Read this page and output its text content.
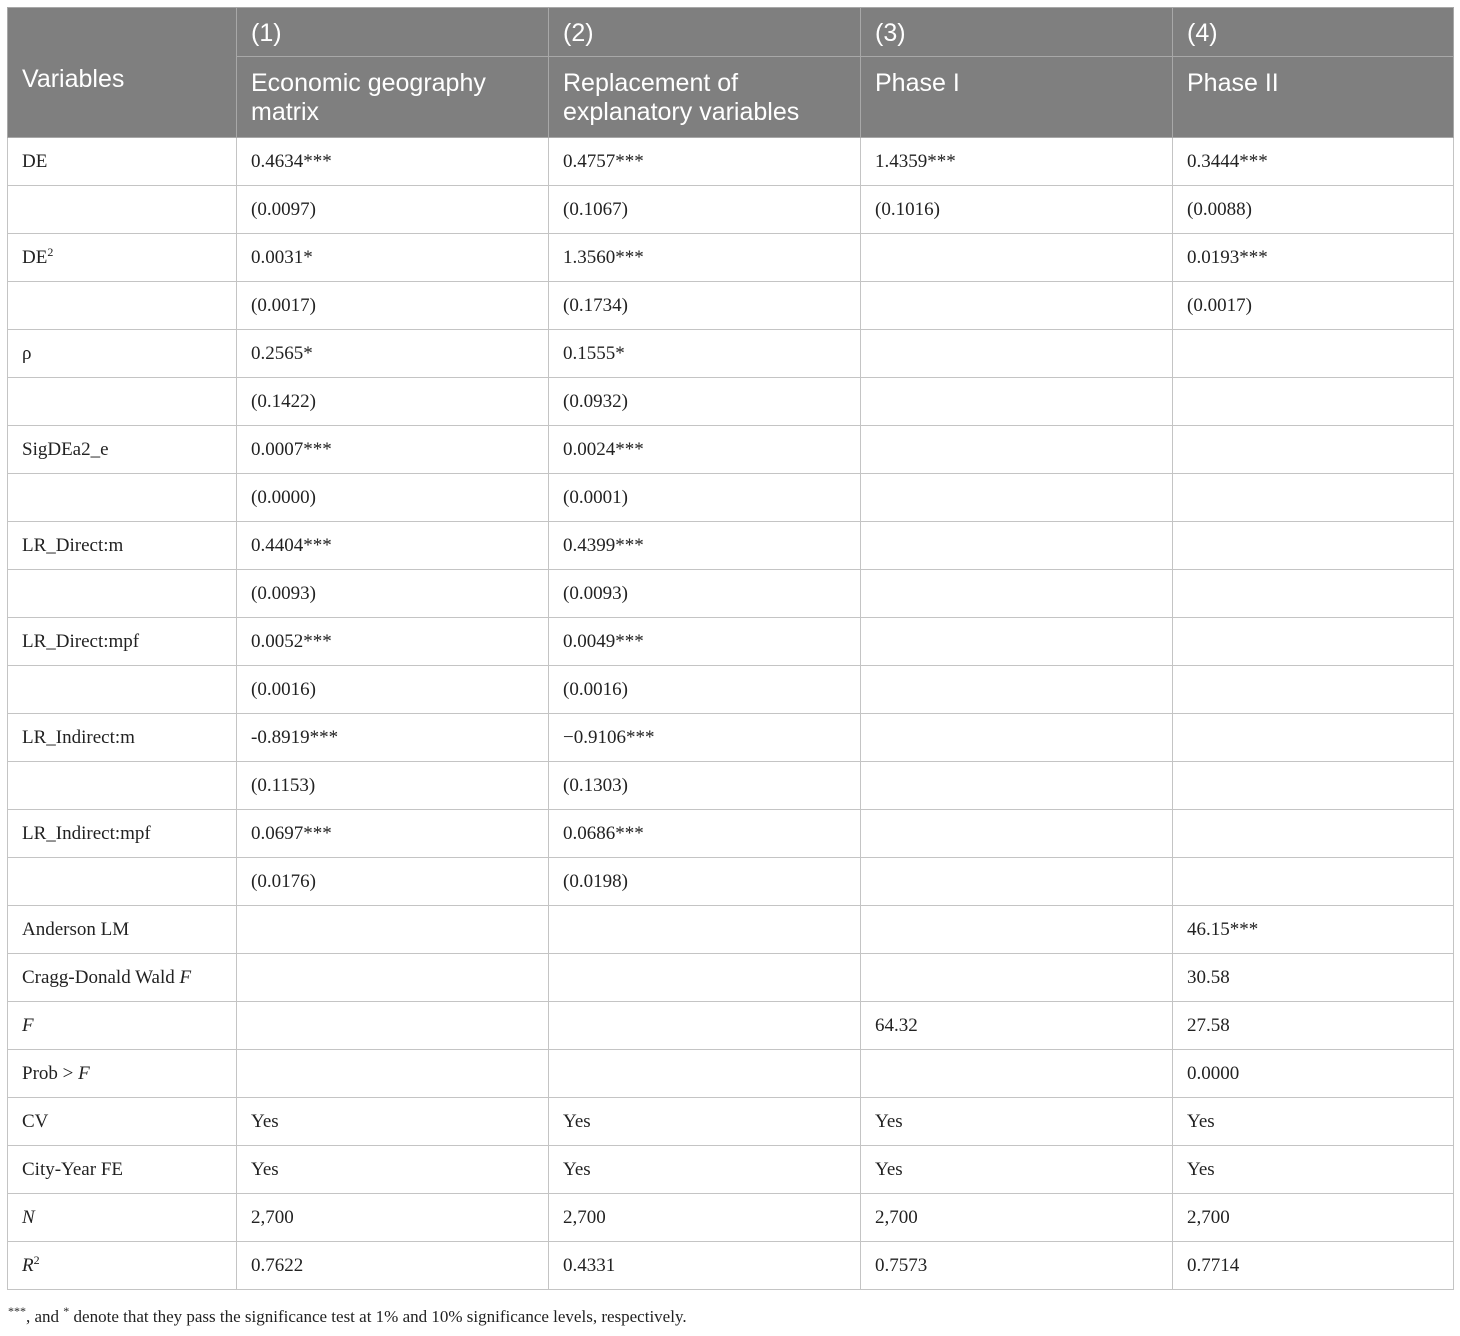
Variables	(1)	(2)	(3)	(4)
	Economic geography matrix	Replacement of explanatory variables	Phase I	Phase II
DE	0.4634***	0.4757***	1.4359***	0.3444***
	(0.0097)	(0.1067)	(0.1016)	(0.0088)
$DE^2$	0.0031*	1.3560***		0.0193***
	(0.0017)	(0.1734)		(0.0017)
ρ	0.2565*	0.1555*		
	(0.1422)	(0.0932)		
SigDEa2_e	0.0007***	0.0024***		
	(0.0000)	(0.0001)		
LR_Direct:m	0.4404***	0.4399***		
	(0.0093)	(0.0093)		
LR_Direct:mpf	0.0052***	0.0049***		
	(0.0016)	(0.0016)		
LR_Indirect:m	-0.8919***	−0.9106***		
	(0.1153)	(0.1303)		
LR_Indirect:mpf	0.0697***	0.0686***		
	(0.0176)	(0.0198)		
Anderson LM				46.15***
Cragg-Donald Wald F				30.58
F			64.32	27.58
Prob > F				0.0000
CV	Yes	Yes	Yes	Yes
City-Year FE	Yes	Yes	Yes	Yes
N	2,700	2,700	2,700	2,700
$R^2$	0.7622	0.4331	0.7573	0.7714
***, and * denote that they pass the significance test at 1% and 10% significance levels, respectively.
